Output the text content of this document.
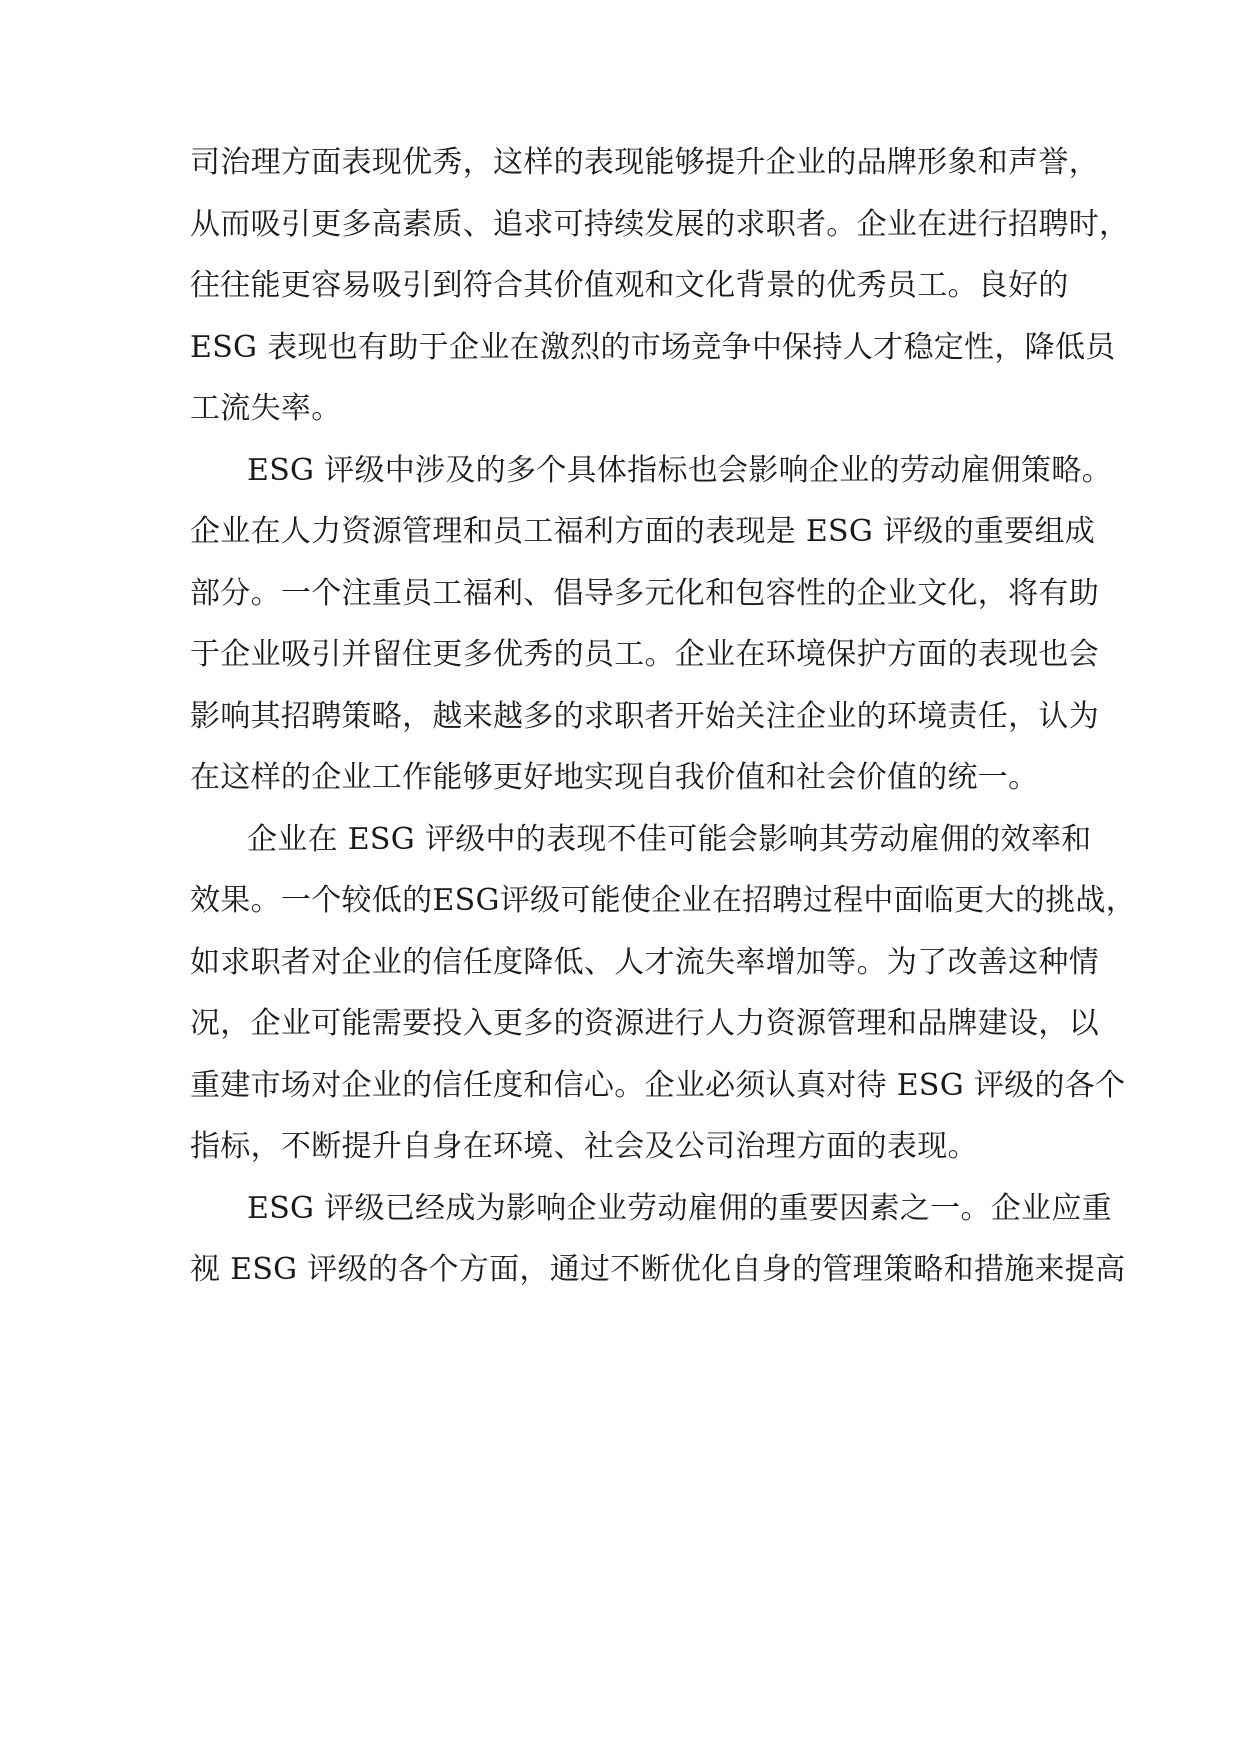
司治理方面表现优秀，这样的表现能够提升企业的品牌形象和声誉，
从而吸引更多高素质、追求可持续发展的求职者。企业在进行招聘时，
往往能更容易吸引到符合其价值观和文化背景的优秀员工。良好的
ESG 表现也有助于企业在激烈的市场竞争中保持人才稳定性，降低员
工流失率。
ESG 评级中涉及的多个具体指标也会影响企业的劳动雇佣策略。
企业在人力资源管理和员工福利方面的表现是 ESG 评级的重要组成
部分。一个注重员工福利、倡导多元化和包容性的企业文化，将有助
于企业吸引并留住更多优秀的员工。企业在环境保护方面的表现也会
影响其招聘策略，越来越多的求职者开始关注企业的环境责任，认为
在这样的企业工作能够更好地实现自我价值和社会价值的统一。
企业在 ESG 评级中的表现不佳可能会影响其劳动雇佣的效率和
效果。一个较低的ESG评级可能使企业在招聘过程中面临更大的挑战，
如求职者对企业的信任度降低、人才流失率增加等。为了改善这种情
况，企业可能需要投入更多的资源进行人力资源管理和品牌建设，以
重建市场对企业的信任度和信心。企业必须认真对待 ESG 评级的各个
指标，不断提升自身在环境、社会及公司治理方面的表现。
ESG 评级已经成为影响企业劳动雇佣的重要因素之一。企业应重
视 ESG 评级的各个方面，通过不断优化自身的管理策略和措施来提高
